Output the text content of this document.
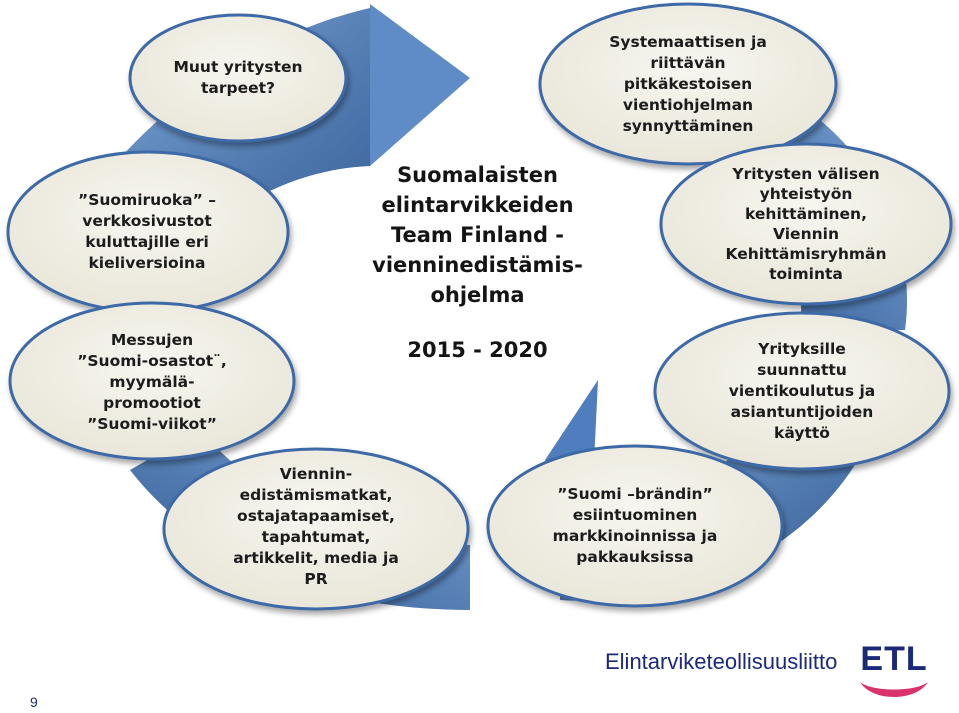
Systemaattisen ja
riittävän
pitkäkestoisen
vientiohjelman
synnyttäminen
Yritysten välisen
yhteistyön
kehittäminen,
Viennin
Kehittämisryhmän
toiminta
Yrityksille
suunnattu
vientikoulutus ja
asiantuntijoiden
käyttö
”Suomi –brändin”
esiintuominen
markkinoinnissa ja
pakkauksissa
Viennin-
edistämismatkat,
ostajatapaamiset,
tapahtumat,
artikkelit, media ja
PR
Messujen
”Suomi-osastot¨,
myymälä-
promootiot
”Suomi-viikot”
”Suomiruoka” –
verkkosivustot
kuluttajille eri
kieliversioina
Muut yritysten
tarpeet?
Suomalaisten
elintarvikkeiden
Team Finland -
vienninedistämis-
ohjelma
2015 - 2020
Elintarviketeollisuusliitto
9
ETL
